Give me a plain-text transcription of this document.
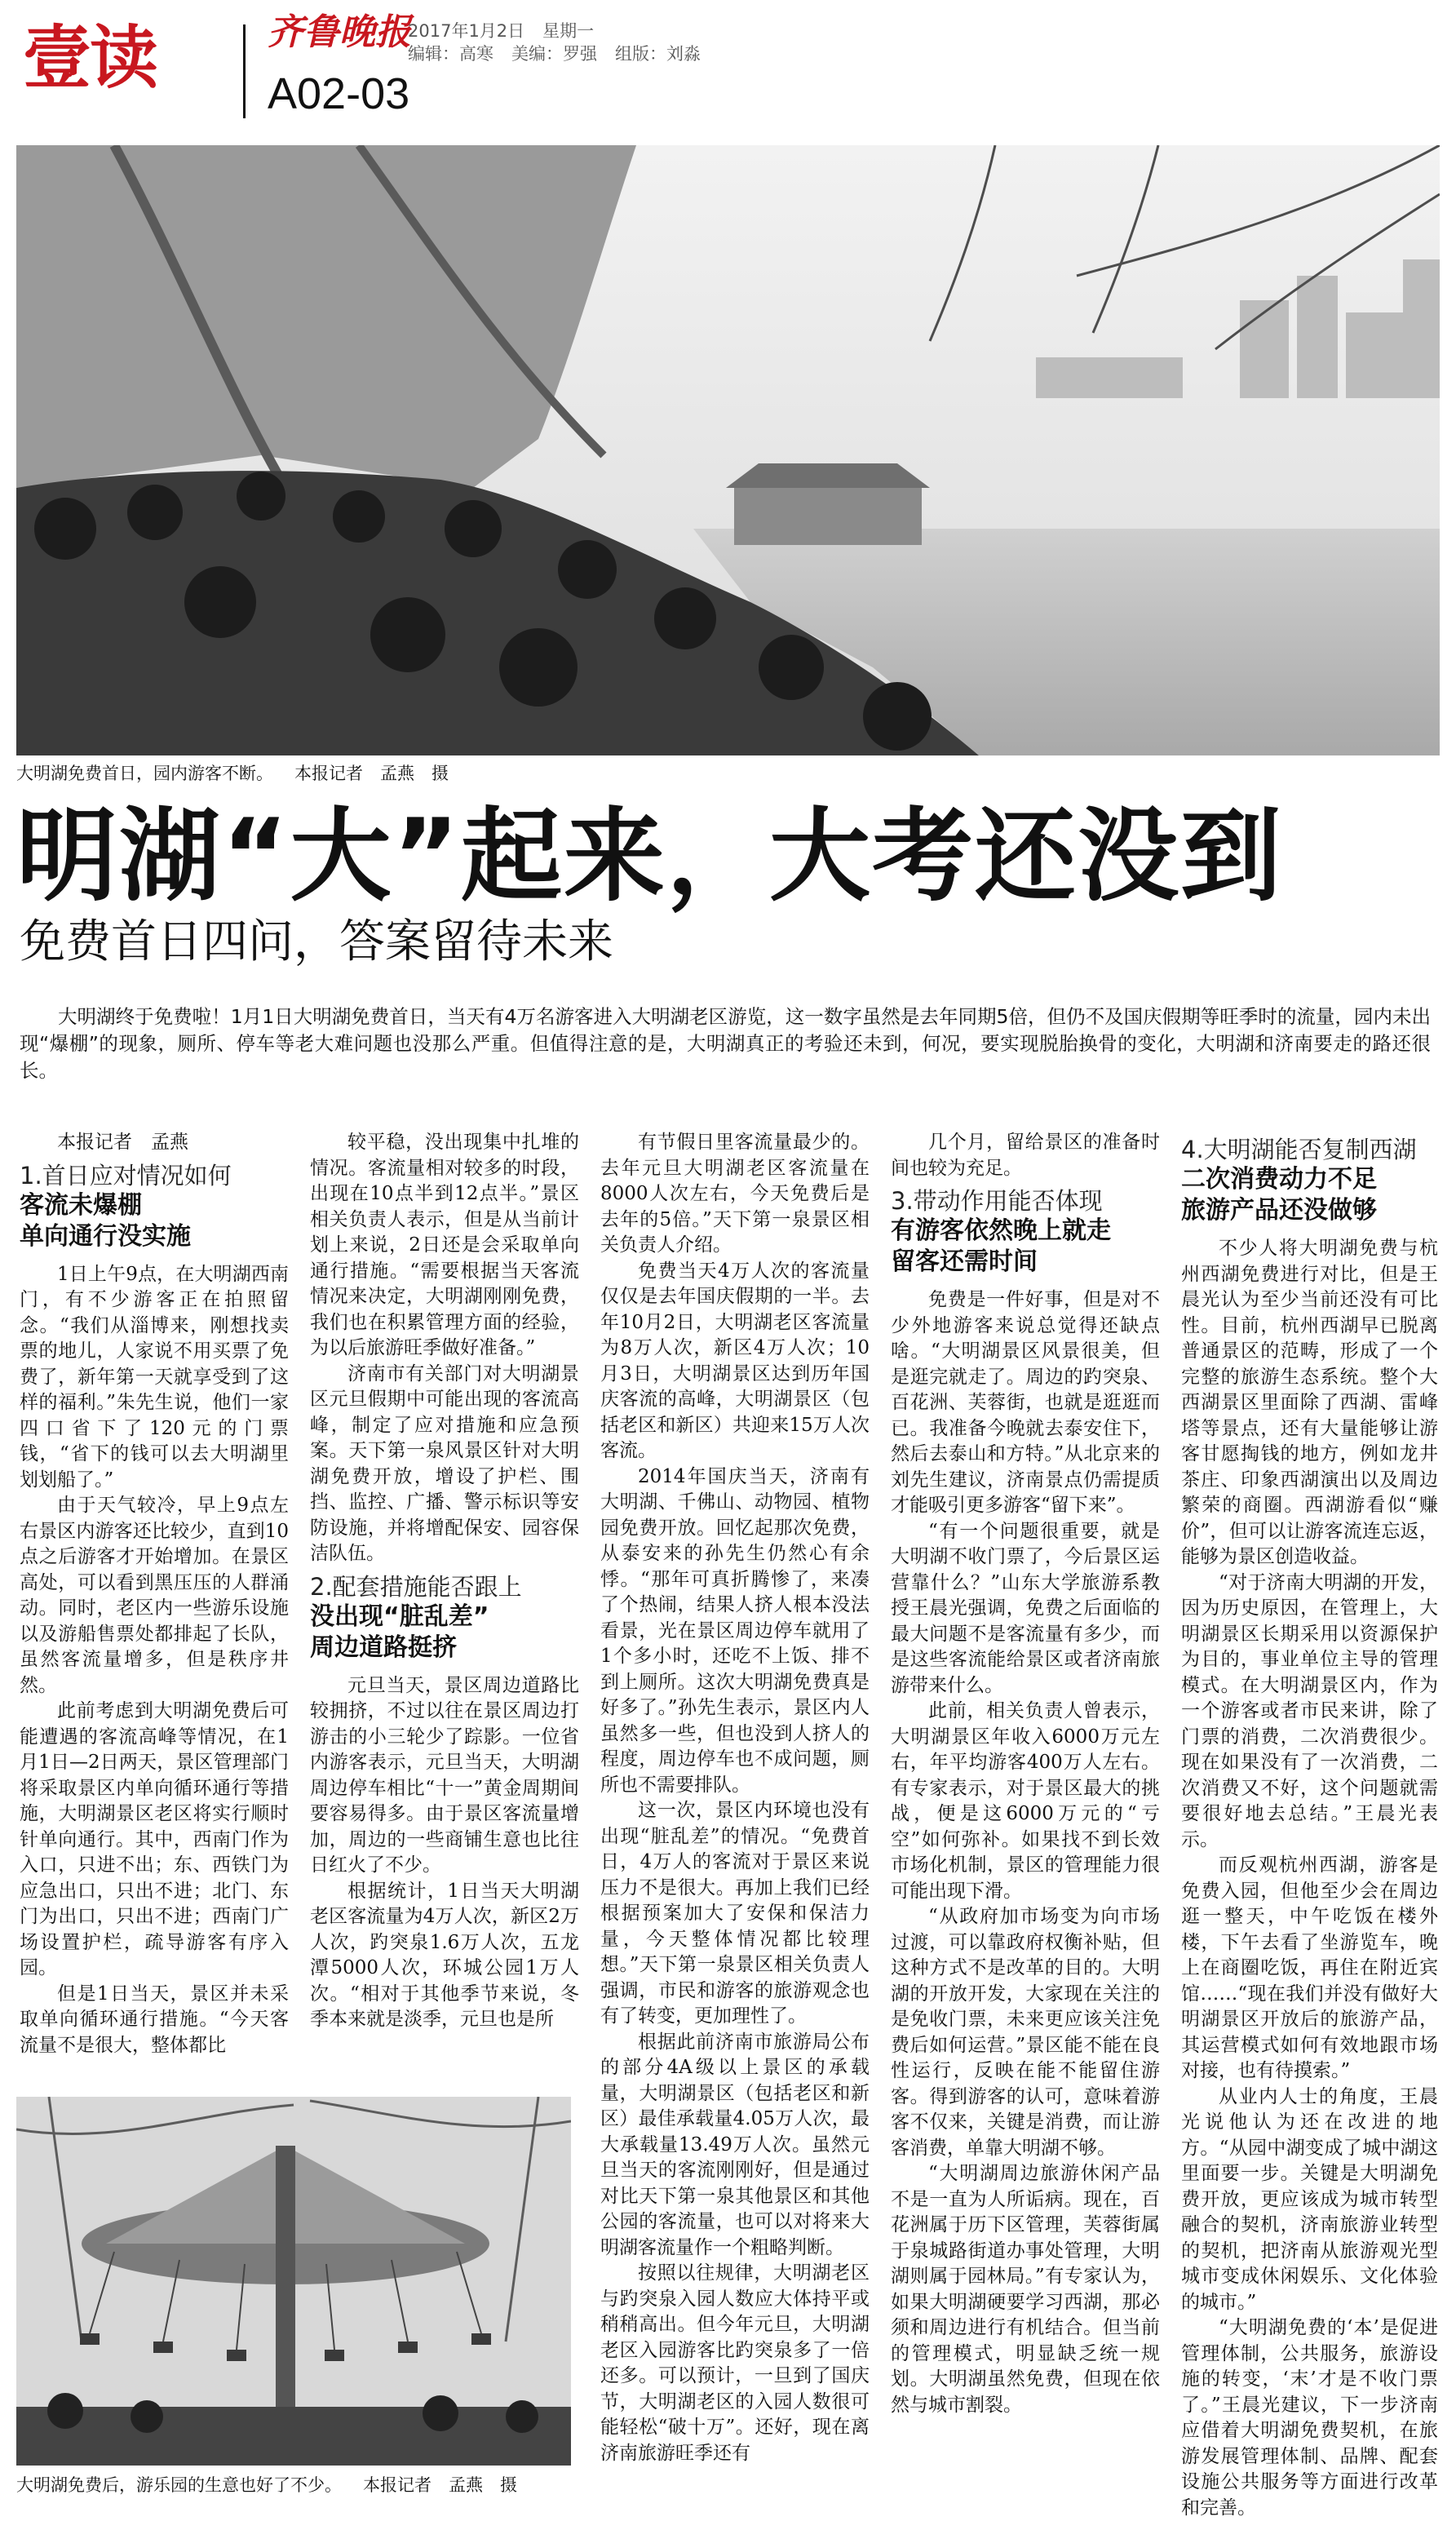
壹读	齐鲁晚报
A02-03
2017年1月2日 星期一
编辑：高寒 美编：罗强 组版：刘淼
大明湖免费首日，园内游客不断。 本报记者　孟燕　摄
明湖“大”起来，大考还没到
免费首日四问，答案留待未来
大明湖终于免费啦！1月1日大明湖免费首日，当天有4万名游客进入大明湖老区游览，这一数字虽然是去年同期5倍，但仍不及国庆假期等旺季时的流量，园内未出现“爆棚”的现象，厕所、停车等老大难问题也没那么严重。但值得注意的是，大明湖真正的考验还未到，何况，要实现脱胎换骨的变化，大明湖和济南要走的路还很长。

本报记者　孟燕

1.首日应对情况如何
客流未爆棚
单向通行没实施

1日上午9点，在大明湖西南门，有不少游客正在拍照留念。“我们从淄博来，刚想找卖票的地儿，人家说不用买票了免费了，新年第一天就享受到了这样的福利。”朱先生说，他们一家四口省下了120元的门票钱，“省下的钱可以去大明湖里划划船了。”

由于天气较冷，早上9点左右景区内游客还比较少，直到10点之后游客才开始增加。在景区高处，可以看到黑压压的人群涌动。同时，老区内一些游乐设施以及游船售票处都排起了长队，虽然客流量增多，但是秩序井然。

此前考虑到大明湖免费后可能遭遇的客流高峰等情况，在1月1日—2日两天，景区管理部门将采取景区内单向循环通行等措施，大明湖景区老区将实行顺时针单向通行。其中，西南门作为入口，只进不出；东、西铁门为应急出口，只出不进；北门、东门为出口，只出不进；西南门广场设置护栏，疏导游客有序入园。

但是1日当天，景区并未采取单向循环通行措施。“今天客流量不是很大，整体都比

较平稳，没出现集中扎堆的情况。客流量相对较多的时段，出现在10点半到12点半。”景区相关负责人表示，但是从当前计划上来说，2日还是会采取单向通行措施。“需要根据当天客流情况来决定，大明湖刚刚免费，我们也在积累管理方面的经验，为以后旅游旺季做好准备。”

济南市有关部门对大明湖景区元旦假期中可能出现的客流高峰，制定了应对措施和应急预案。天下第一泉风景区针对大明湖免费开放，增设了护栏、围挡、监控、广播、警示标识等安防设施，并将增配保安、园容保洁队伍。

2.配套措施能否跟上
没出现“脏乱差”
周边道路挺挤

元旦当天，景区周边道路比较拥挤，不过以往在景区周边打游击的小三轮少了踪影。一位省内游客表示，元旦当天，大明湖周边停车相比“十一”黄金周期间要容易得多。由于景区客流量增加，周边的一些商铺生意也比往日红火了不少。

根据统计，1日当天大明湖老区客流量为4万人次，新区2万人次，趵突泉1.6万人次，五龙潭5000人次，环城公园1万人次。“相对于其他季节来说，冬季本来就是淡季，元旦也是所

有节假日里客流量最少的。去年元旦大明湖老区客流量在8000人次左右，今天免费后是去年的5倍。”天下第一泉景区相关负责人介绍。

免费当天4万人次的客流量仅仅是去年国庆假期的一半。去年10月2日，大明湖老区客流量为8万人次，新区4万人次；10月3日，大明湖景区达到历年国庆客流的高峰，大明湖景区（包括老区和新区）共迎来15万人次客流。

2014年国庆当天，济南有大明湖、千佛山、动物园、植物园免费开放。回忆起那次免费，从泰安来的孙先生仍然心有余悸。“那年可真折腾惨了，来凑了个热闹，结果人挤人根本没法看景，光在景区周边停车就用了1个多小时，还吃不上饭、排不到上厕所。这次大明湖免费真是好多了。”孙先生表示，景区内人虽然多一些，但也没到人挤人的程度，周边停车也不成问题，厕所也不需要排队。

这一次，景区内环境也没有出现“脏乱差”的情况。“免费首日，4万人的客流对于景区来说压力不是很大。再加上我们已经根据预案加大了安保和保洁力量，今天整体情况都比较理想。”天下第一泉景区相关负责人强调，市民和游客的旅游观念也有了转变，更加理性了。

根据此前济南市旅游局公布的部分4A级以上景区的承载量，大明湖景区（包括老区和新区）最佳承载量4.05万人次，最大承载量13.49万人次。虽然元旦当天的客流刚刚好，但是通过对比天下第一泉其他景区和其他公园的客流量，也可以对将来大明湖客流量作一个粗略判断。

按照以往规律，大明湖老区与趵突泉入园人数应大体持平或稍稍高出。但今年元旦，大明湖老区入园游客比趵突泉多了一倍还多。可以预计，一旦到了国庆节，大明湖老区的入园人数很可能轻松“破十万”。还好，现在离济南旅游旺季还有

几个月，留给景区的准备时间也较为充足。

3.带动作用能否体现
有游客依然晚上就走
留客还需时间

免费是一件好事，但是对不少外地游客来说总觉得还缺点啥。“大明湖景区风景很美，但是逛完就走了。周边的趵突泉、百花洲、芙蓉街，也就是逛逛而已。我准备今晚就去泰安住下，然后去泰山和方特。”从北京来的刘先生建议，济南景点仍需提质才能吸引更多游客“留下来”。

“有一个问题很重要，就是大明湖不收门票了，今后景区运营靠什么？”山东大学旅游系教授王晨光强调，免费之后面临的最大问题不是客流量有多少，而是这些客流能给景区或者济南旅游带来什么。

此前，相关负责人曾表示，大明湖景区年收入6000万元左右，年平均游客400万人左右。有专家表示，对于景区最大的挑战，便是这6000万元的“亏空”如何弥补。如果找不到长效市场化机制，景区的管理能力很可能出现下滑。

“从政府加市场变为向市场过渡，可以靠政府权衡补贴，但这种方式不是改革的目的。大明湖的开放开发，大家现在关注的是免收门票，未来更应该关注免费后如何运营。”景区能不能在良性运行，反映在能不能留住游客。得到游客的认可，意味着游客不仅来，关键是消费，而让游客消费，单靠大明湖不够。

“大明湖周边旅游休闲产品不是一直为人所诟病。现在，百花洲属于历下区管理，芙蓉街属于泉城路街道办事处管理，大明湖则属于园林局。”有专家认为，如果大明湖硬要学习西湖，那必须和周边进行有机结合。但当前的管理模式，明显缺乏统一规划。大明湖虽然免费，但现在依然与城市割裂。

4.大明湖能否复制西湖
二次消费动力不足
旅游产品还没做够

不少人将大明湖免费与杭州西湖免费进行对比，但是王晨光认为至少当前还没有可比性。目前，杭州西湖早已脱离普通景区的范畴，形成了一个完整的旅游生态系统。整个大西湖景区里面除了西湖、雷峰塔等景点，还有大量能够让游客甘愿掏钱的地方，例如龙井茶庄、印象西湖演出以及周边繁荣的商圈。西湖游看似“赚价”，但可以让游客流连忘返，能够为景区创造收益。

“对于济南大明湖的开发，因为历史原因，在管理上，大明湖景区长期采用以资源保护为目的，事业单位主导的管理模式。在大明湖景区内，作为一个游客或者市民来讲，除了门票的消费，二次消费很少。现在如果没有了一次消费，二次消费又不好，这个问题就需要很好地去总结。”王晨光表示。

而反观杭州西湖，游客是免费入园，但他至少会在周边逛一整天，中午吃饭在楼外楼，下午去看了坐游览车，晚上在商圈吃饭，再住在附近宾馆……“现在我们并没有做好大明湖景区开放后的旅游产品，其运营模式如何有效地跟市场对接，也有待摸索。”

从业内人士的角度，王晨光说他认为还在改进的地方。“从园中湖变成了城中湖这里面要一步。关键是大明湖免费开放，更应该成为城市转型融合的契机，济南旅游业转型的契机，把济南从旅游观光型城市变成休闲娱乐、文化体验的城市。”

“大明湖免费的‘本’是促进管理体制，公共服务，旅游设施的转变，‘末’才是不收门票了。”王晨光建议，下一步济南应借着大明湖免费契机，在旅游发展管理体制、品牌、配套设施公共服务等方面进行改革和完善。

大明湖免费后，游乐园的生意也好了不少。 本报记者　孟燕　摄
